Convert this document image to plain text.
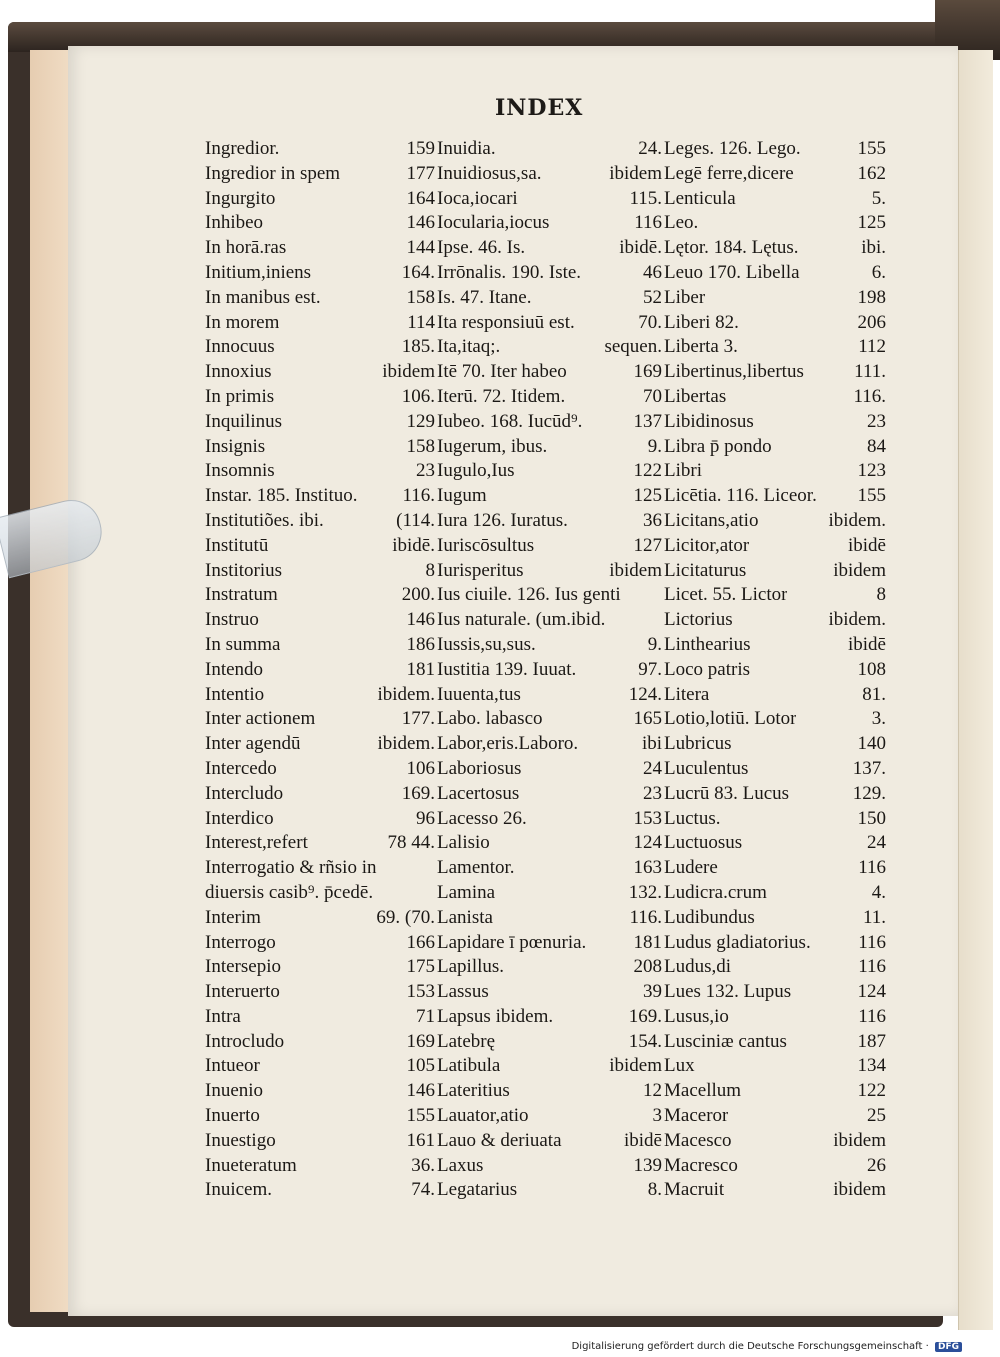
INDEX
Ingredior.	159
Ingredior in spem	177
Ingurgito	164
Inhibeo	146
In horā.ras	144
Initium,iniens	164.
In manibus est.	158
In morem	114
Innocuus	185.
Innoxius	ibidem
In primis	106.
Inquilinus	129
Insignis	158
Insomnis	23
Instar. 185. Instituo. 116.
Institutiões. ibi.	(114.
Institutū	ibidē.
Institorius	8
Instratum	200.
Instruo	146
In summa	186
Intendo	181
Intentio	ibidem.
Inter actionem	177.
Inter agendū	ibidem.
Intercedo	106
Intercludo	169.
Interdico	96
Interest,refert	78 44.
Interrogatio & rñsio in
diuersis casib⁹. p̄cedē.
Interim	69. (70.
Interrogo	166
Intersepio	175
Interuerto	153
Intra	71
Introcludo	169
Intueor	105
Inuenio	146
Inuerto	155
Inuestigo	161
Inueteratum	36.
Inuicem.	74.
Inuidia.	24.
Inuidiosus,sa.	ibidem
Ioca,iocari	115.
Iocularia,iocus	116
Ipse. 46. Is.	ibidē.
Irrōnalis. 190. Iste.	46
Is. 47. Itane.	52
Ita responsiuū est.	70.
Ita,itaq;.	sequen.
Itē 70. Iter habeo	169
Iterū. 72. Itidem.	70
Iubeo. 168. Iucūd⁹.	137
Iugerum, ibus.	9.
Iugulo,Ius	122
Iugum	125
Iura 126. Iuratus.	36
Iuriscōsultus	127
Iurisperitus	ibidem
Ius ciuile. 126. Ius genti
Ius naturale. (um.ibid.
Iussis,su,sus.	9.
Iustitia 139. Iuuat.	97.
Iuuenta,tus	124.
Labo. labasco	165
Labor,eris.Laboro.	ibi
Laboriosus	24
Lacertosus	23
Lacesso 26.	153
Lalisio	124
Lamentor.	163
Lamina	132.
Lanista	116.
Lapidare ī pœnuria. 181
Lapillus.	208
Lassus	39
Lapsus ibidem.	169.
Latebrę	154.
Latibula	ibidem
Lateritius	12
Lauator,atio	3
Lauo & deriuata	ibidē
Laxus	139
Legatarius	8.
Leges. 126. Lego.	155
Legē ferre,dicere	162
Lenticula	5.
Leo.	125
Lętor. 184. Lętus.	ibi.
Leuo 170. Libella	6.
Liber	198
Liberi 82.	206
Liberta 3.	112
Libertinus,libertus	111.
Libertas	116.
Libidinosus	23
Libra p̄ pondo	84
Libri	123
Licētia. 116. Liceor. 155
Licitans,atio	ibidem.
Licitor,ator	ibidē
Licitaturus	ibidem
Licet. 55. Lictor	8
Lictorius	ibidem.
Linthearius	ibidē
Loco patris	108
Litera	81.
Lotio,lotiū. Lotor	3.
Lubricus	140
Luculentus	137.
Lucrū 83. Lucus	129.
Luctus.	150
Luctuosus	24
Ludere	116
Ludicra.crum	4.
Ludibundus	11.
Ludus gladiatorius.	116
Ludus,di	116
Lues 132. Lupus	124
Lusus,io	116
Lusciniæ cantus	187
Lux	134
Macellum	122
Maceror	25
Macesco	ibidem
Macresco	26
Macruit	ibidem
Digitalisierung gefördert durch die Deutsche Forschungsgemeinschaft · DFG
